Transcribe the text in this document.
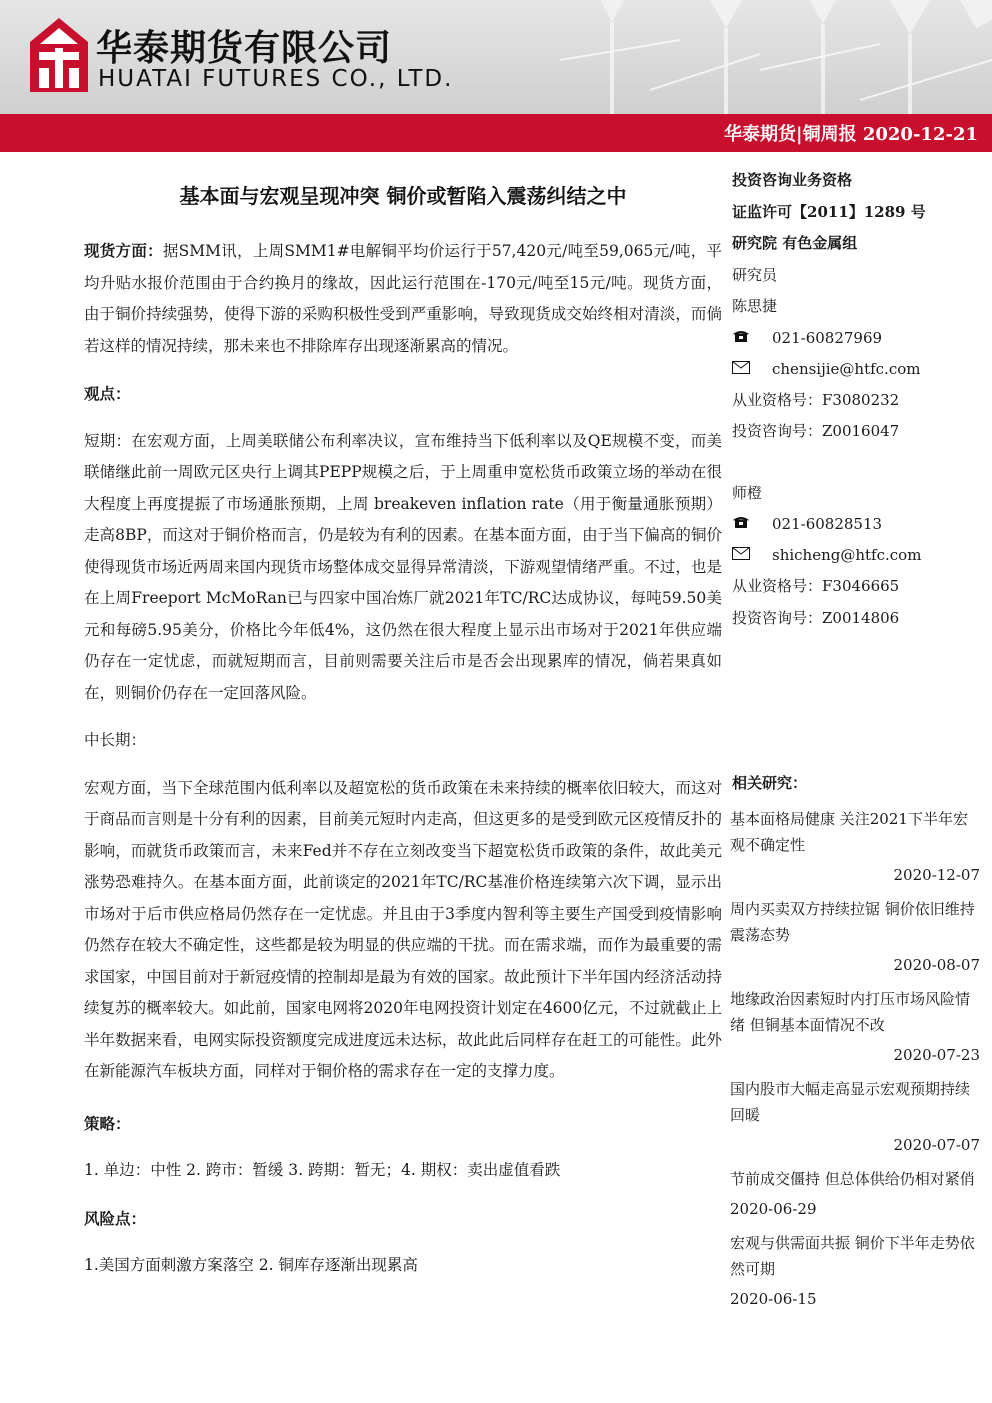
华泰期货有限公司
HUATAI FUTURES CO., LTD.
华泰期货|铜周报 2020-12-21
基本面与宏观呈现冲突 铜价或暂陷入震荡纠结之中

现货方面：据SMM讯，上周SMM1#电解铜平均价运行于57,420元/吨至59,065元/吨，平均升贴水报价范围由于合约换月的缘故，因此运行范围在-170元/吨至15元/吨。现货方面，由于铜价持续强势，使得下游的采购积极性受到严重影响，导致现货成交始终相对清淡，而倘若这样的情况持续，那未来也不排除库存出现逐渐累高的情况。

观点：

短期：在宏观方面，上周美联储公布利率决议，宣布维持当下低利率以及QE规模不变，而美联储继此前一周欧元区央行上调其PEPP规模之后，于上周重申宽松货币政策立场的举动在很大程度上再度提振了市场通胀预期，上周 breakeven inflation rate（用于衡量通胀预期）走高8BP，而这对于铜价格而言，仍是较为有利的因素。在基本面方面，由于当下偏高的铜价使得现货市场近两周来国内现货市场整体成交显得异常清淡，下游观望情绪严重。不过，也是在上周Freeport McMoRan已与四家中国冶炼厂就2021年TC/RC达成协议，每吨59.50美元和每磅5.95美分，价格比今年低4%，这仍然在很大程度上显示出市场对于2021年供应端仍存在一定忧虑，而就短期而言，目前则需要关注后市是否会出现累库的情况，倘若果真如在，则铜价仍存在一定回落风险。

中长期：

宏观方面，当下全球范围内低利率以及超宽松的货币政策在未来持续的概率依旧较大，而这对于商品而言则是十分有利的因素，目前美元短时内走高，但这更多的是受到欧元区疫情反扑的影响，而就货币政策而言，未来Fed并不存在立刻改变当下超宽松货币政策的条件，故此美元涨势恐难持久。在基本面方面，此前谈定的2021年TC/RC基准价格连续第六次下调，显示出市场对于后市供应格局仍然存在一定忧虑。并且由于3季度内智利等主要生产国受到疫情影响仍然存在较大不确定性，这些都是较为明显的供应端的干扰。而在需求端，而作为最重要的需求国家，中国目前对于新冠疫情的控制却是最为有效的国家。故此预计下半年国内经济活动持续复苏的概率较大。如此前，国家电网将2020年电网投资计划定在4600亿元，不过就截止上半年数据来看，电网实际投资额度完成进度远未达标，故此此后同样存在赶工的可能性。此外在新能源汽车板块方面，同样对于铜价格的需求存在一定的支撑力度。

策略：

1. 单边：中性 2. 跨市：暂缓 3. 跨期：暂无；4. 期权：卖出虚值看跌

风险点：

1.美国方面刺激方案落空 2. 铜库存逐渐出现累高

投资咨询业务资格
证监许可【2011】1289 号
研究院 有色金属组
研究员
陈思捷
021-60827969
chensijie@htfc.com
从业资格号：F3080232
投资咨询号：Z0016047
师橙
021-60828513
shicheng@htfc.com
从业资格号：F3046665
投资咨询号：Z0014806
相关研究：
基本面格局健康 关注2021下半年宏观不确定性
2020-12-07
周内买卖双方持续拉锯 铜价依旧维持震荡态势
2020-08-07
地缘政治因素短时内打压市场风险情绪 但铜基本面情况不改
2020-07-23
国内股市大幅走高显示宏观预期持续回暖
2020-07-07
节前成交僵持 但总体供给仍相对紧俏
2020-06-29
宏观与供需面共振 铜价下半年走势依然可期
2020-06-15
